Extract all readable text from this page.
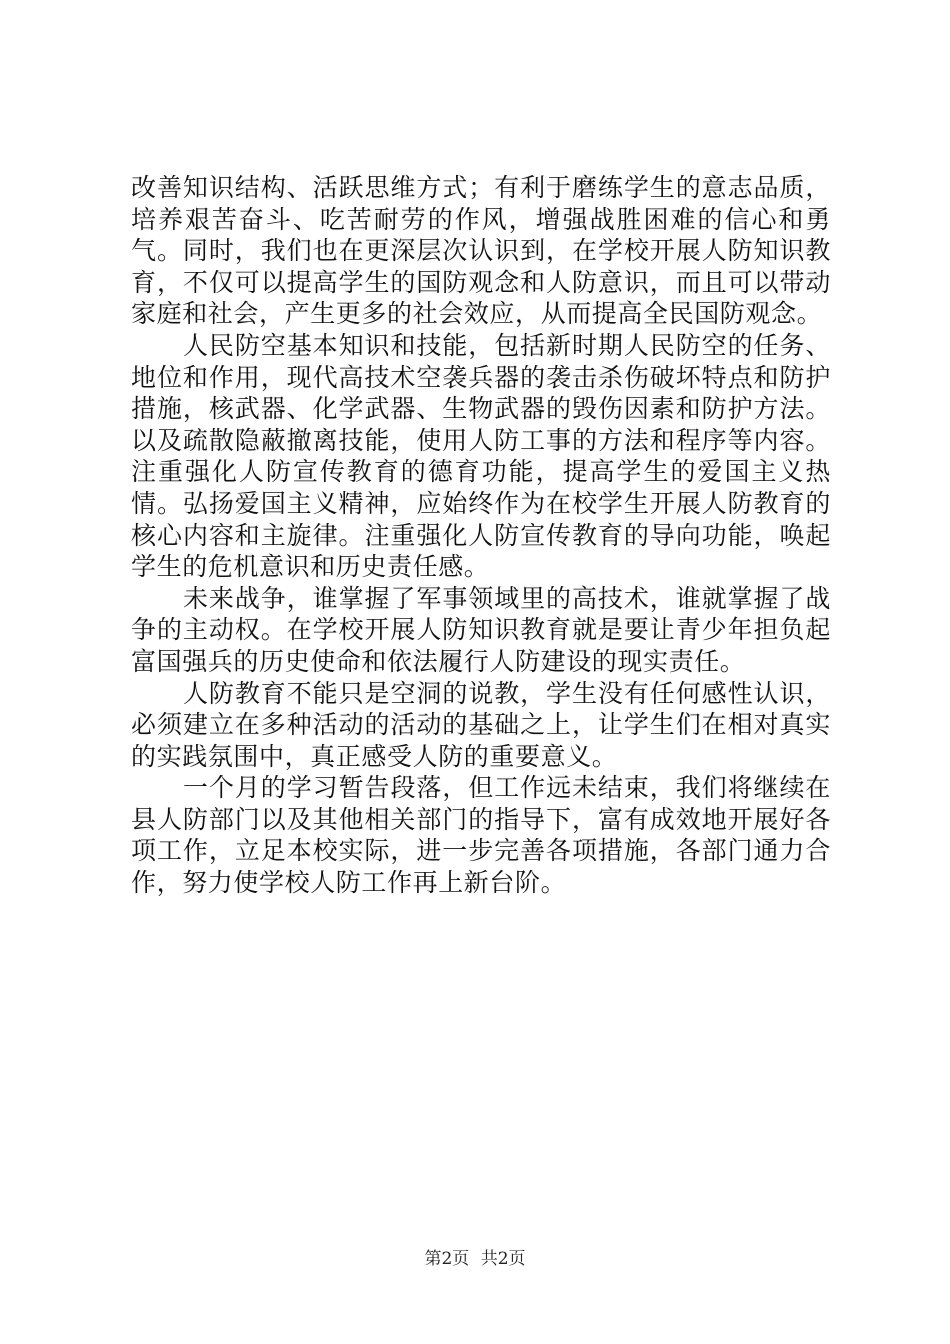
改善知识结构、活跃思维方式；有利于磨练学生的意志品质，培养艰苦奋斗、吃苦耐劳的作风，增强战胜困难的信心和勇气。同时，我们也在更深层次认识到，在学校开展人防知识教育，不仅可以提高学生的国防观念和人防意识，而且可以带动家庭和社会，产生更多的社会效应，从而提高全民国防观念。

人民防空基本知识和技能，包括新时期人民防空的任务、地位和作用，现代高技术空袭兵器的袭击杀伤破坏特点和防护措施，核武器、化学武器、生物武器的毁伤因素和防护方法。以及疏散隐蔽撤离技能，使用人防工事的方法和程序等内容。注重强化人防宣传教育的德育功能，提高学生的爱国主义热情。弘扬爱国主义精神，应始终作为在校学生开展人防教育的核心内容和主旋律。注重强化人防宣传教育的导向功能，唤起学生的危机意识和历史责任感。

未来战争，谁掌握了军事领域里的高技术，谁就掌握了战争的主动权。在学校开展人防知识教育就是要让青少年担负起富国强兵的历史使命和依法履行人防建设的现实责任。

人防教育不能只是空洞的说教，学生没有任何感性认识，必须建立在多种活动的活动的基础之上，让学生们在相对真实的实践氛围中，真正感受人防的重要意义。

一个月的学习暂告段落，但工作远未结束，我们将继续在县人防部门以及其他相关部门的指导下，富有成效地开展好各项工作，立足本校实际，进一步完善各项措施，各部门通力合作，努力使学校人防工作再上新台阶。

第2页 共2页
